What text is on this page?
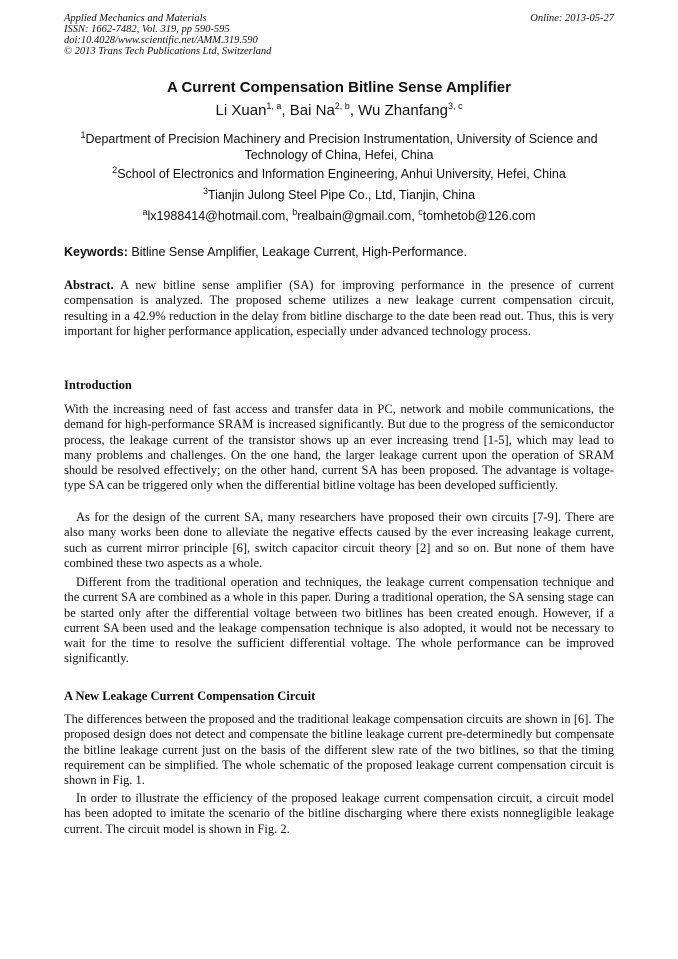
Applied Mechanics and Materials
ISSN: 1662-7482, Vol. 319, pp 590-595
doi:10.4028/www.scientific.net/AMM.319.590
© 2013 Trans Tech Publications Ltd, Switzerland
Online: 2013-05-27
A Current Compensation Bitline Sense Amplifier
Li Xuan$^{1, a}$, Bai Na$^{2, b}$, Wu Zhanfang$^{3, c}$
$^1$Department of Precision Machinery and Precision Instrumentation, University of Science and
Technology of China, Hefei, China
$^2$School of Electronics and Information Engineering, Anhui University, Hefei, China
$^3$Tianjin Julong Steel Pipe Co., Ltd, Tianjin, China
$^a$lx1988414@hotmail.com, $^b$realbain@gmail.com, $^c$tomhetob@126.com
Keywords: Bitline Sense Amplifier, Leakage Current, High-Performance.
Abstract. A new bitline sense amplifier (SA) for improving performance in the presence of current compensation is analyzed. The proposed scheme utilizes a new leakage current compensation circuit, resulting in a 42.9% reduction in the delay from bitline discharge to the date been read out. Thus, this is very important for higher performance application, especially under advanced technology process.
Introduction
With the increasing need of fast access and transfer data in PC, network and mobile communications, the demand for high-performance SRAM is increased significantly. But due to the progress of the semiconductor process, the leakage current of the transistor shows up an ever increasing trend [1-5], which may lead to many problems and challenges. On the one hand, the larger leakage current upon the operation of SRAM should be resolved effectively; on the other hand, current SA has been proposed. The advantage is voltage-type SA can be triggered only when the differential bitline voltage has been developed sufficiently.
As for the design of the current SA, many researchers have proposed their own circuits [7-9]. There are also many works been done to alleviate the negative effects caused by the ever increasing leakage current, such as current mirror principle [6], switch capacitor circuit theory [2] and so on. But none of them have combined these two aspects as a whole.
Different from the traditional operation and techniques, the leakage current compensation technique and the current SA are combined as a whole in this paper. During a traditional operation, the SA sensing stage can be started only after the differential voltage between two bitlines has been created enough. However, if a current SA been used and the leakage compensation technique is also adopted, it would not be necessary to wait for the time to resolve the sufficient differential voltage. The whole performance can be improved significantly.
A New Leakage Current Compensation Circuit
The differences between the proposed and the traditional leakage compensation circuits are shown in [6]. The proposed design does not detect and compensate the bitline leakage current pre-determinedly but compensate the bitline leakage current just on the basis of the different slew rate of the two bitlines, so that the timing requirement can be simplified. The whole schematic of the proposed leakage current compensation circuit is shown in Fig. 1.
In order to illustrate the efficiency of the proposed leakage current compensation circuit, a circuit model has been adopted to imitate the scenario of the bitline discharging where there exists nonnegligible leakage current. The circuit model is shown in Fig. 2.
